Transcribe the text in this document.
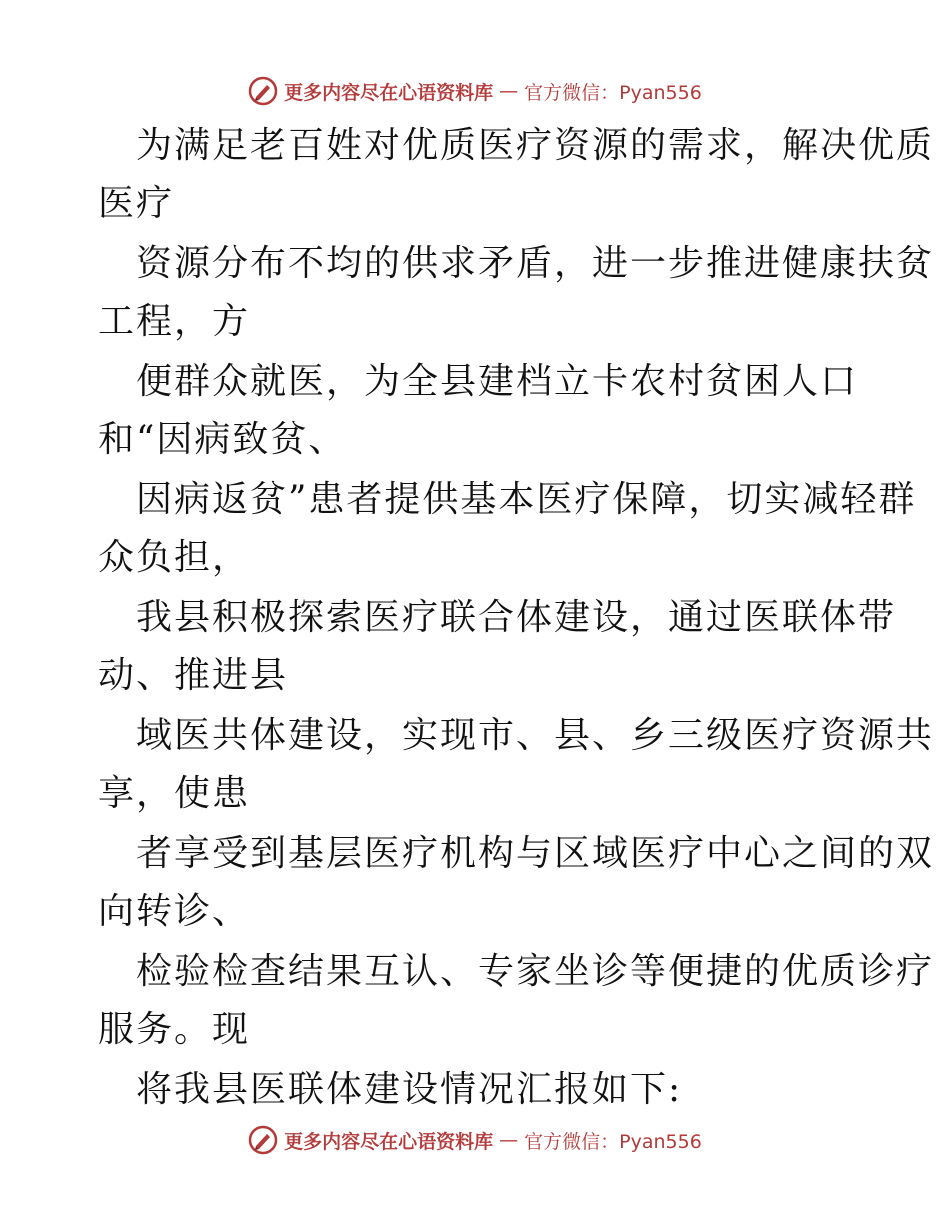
更多内容尽在心语资料库 — 官方微信：Pyan556
为满足老百姓对优质医疗资源的需求，解决优质
医疗
资源分布不均的供求矛盾，进一步推进健康扶贫
工程，方
便群众就医，为全县建档立卡农村贫困人口
和“因病致贫、
因病返贫”患者提供基本医疗保障，切实减轻群
众负担，
我县积极探索医疗联合体建设，通过医联体带
动、推进县
域医共体建设，实现市、县、乡三级医疗资源共
享，使患
者享受到基层医疗机构与区域医疗中心之间的双
向转诊、
检验检查结果互认、专家坐诊等便捷的优质诊疗
服务。现
将我县医联体建设情况汇报如下:
更多内容尽在心语资料库 — 官方微信：Pyan556
